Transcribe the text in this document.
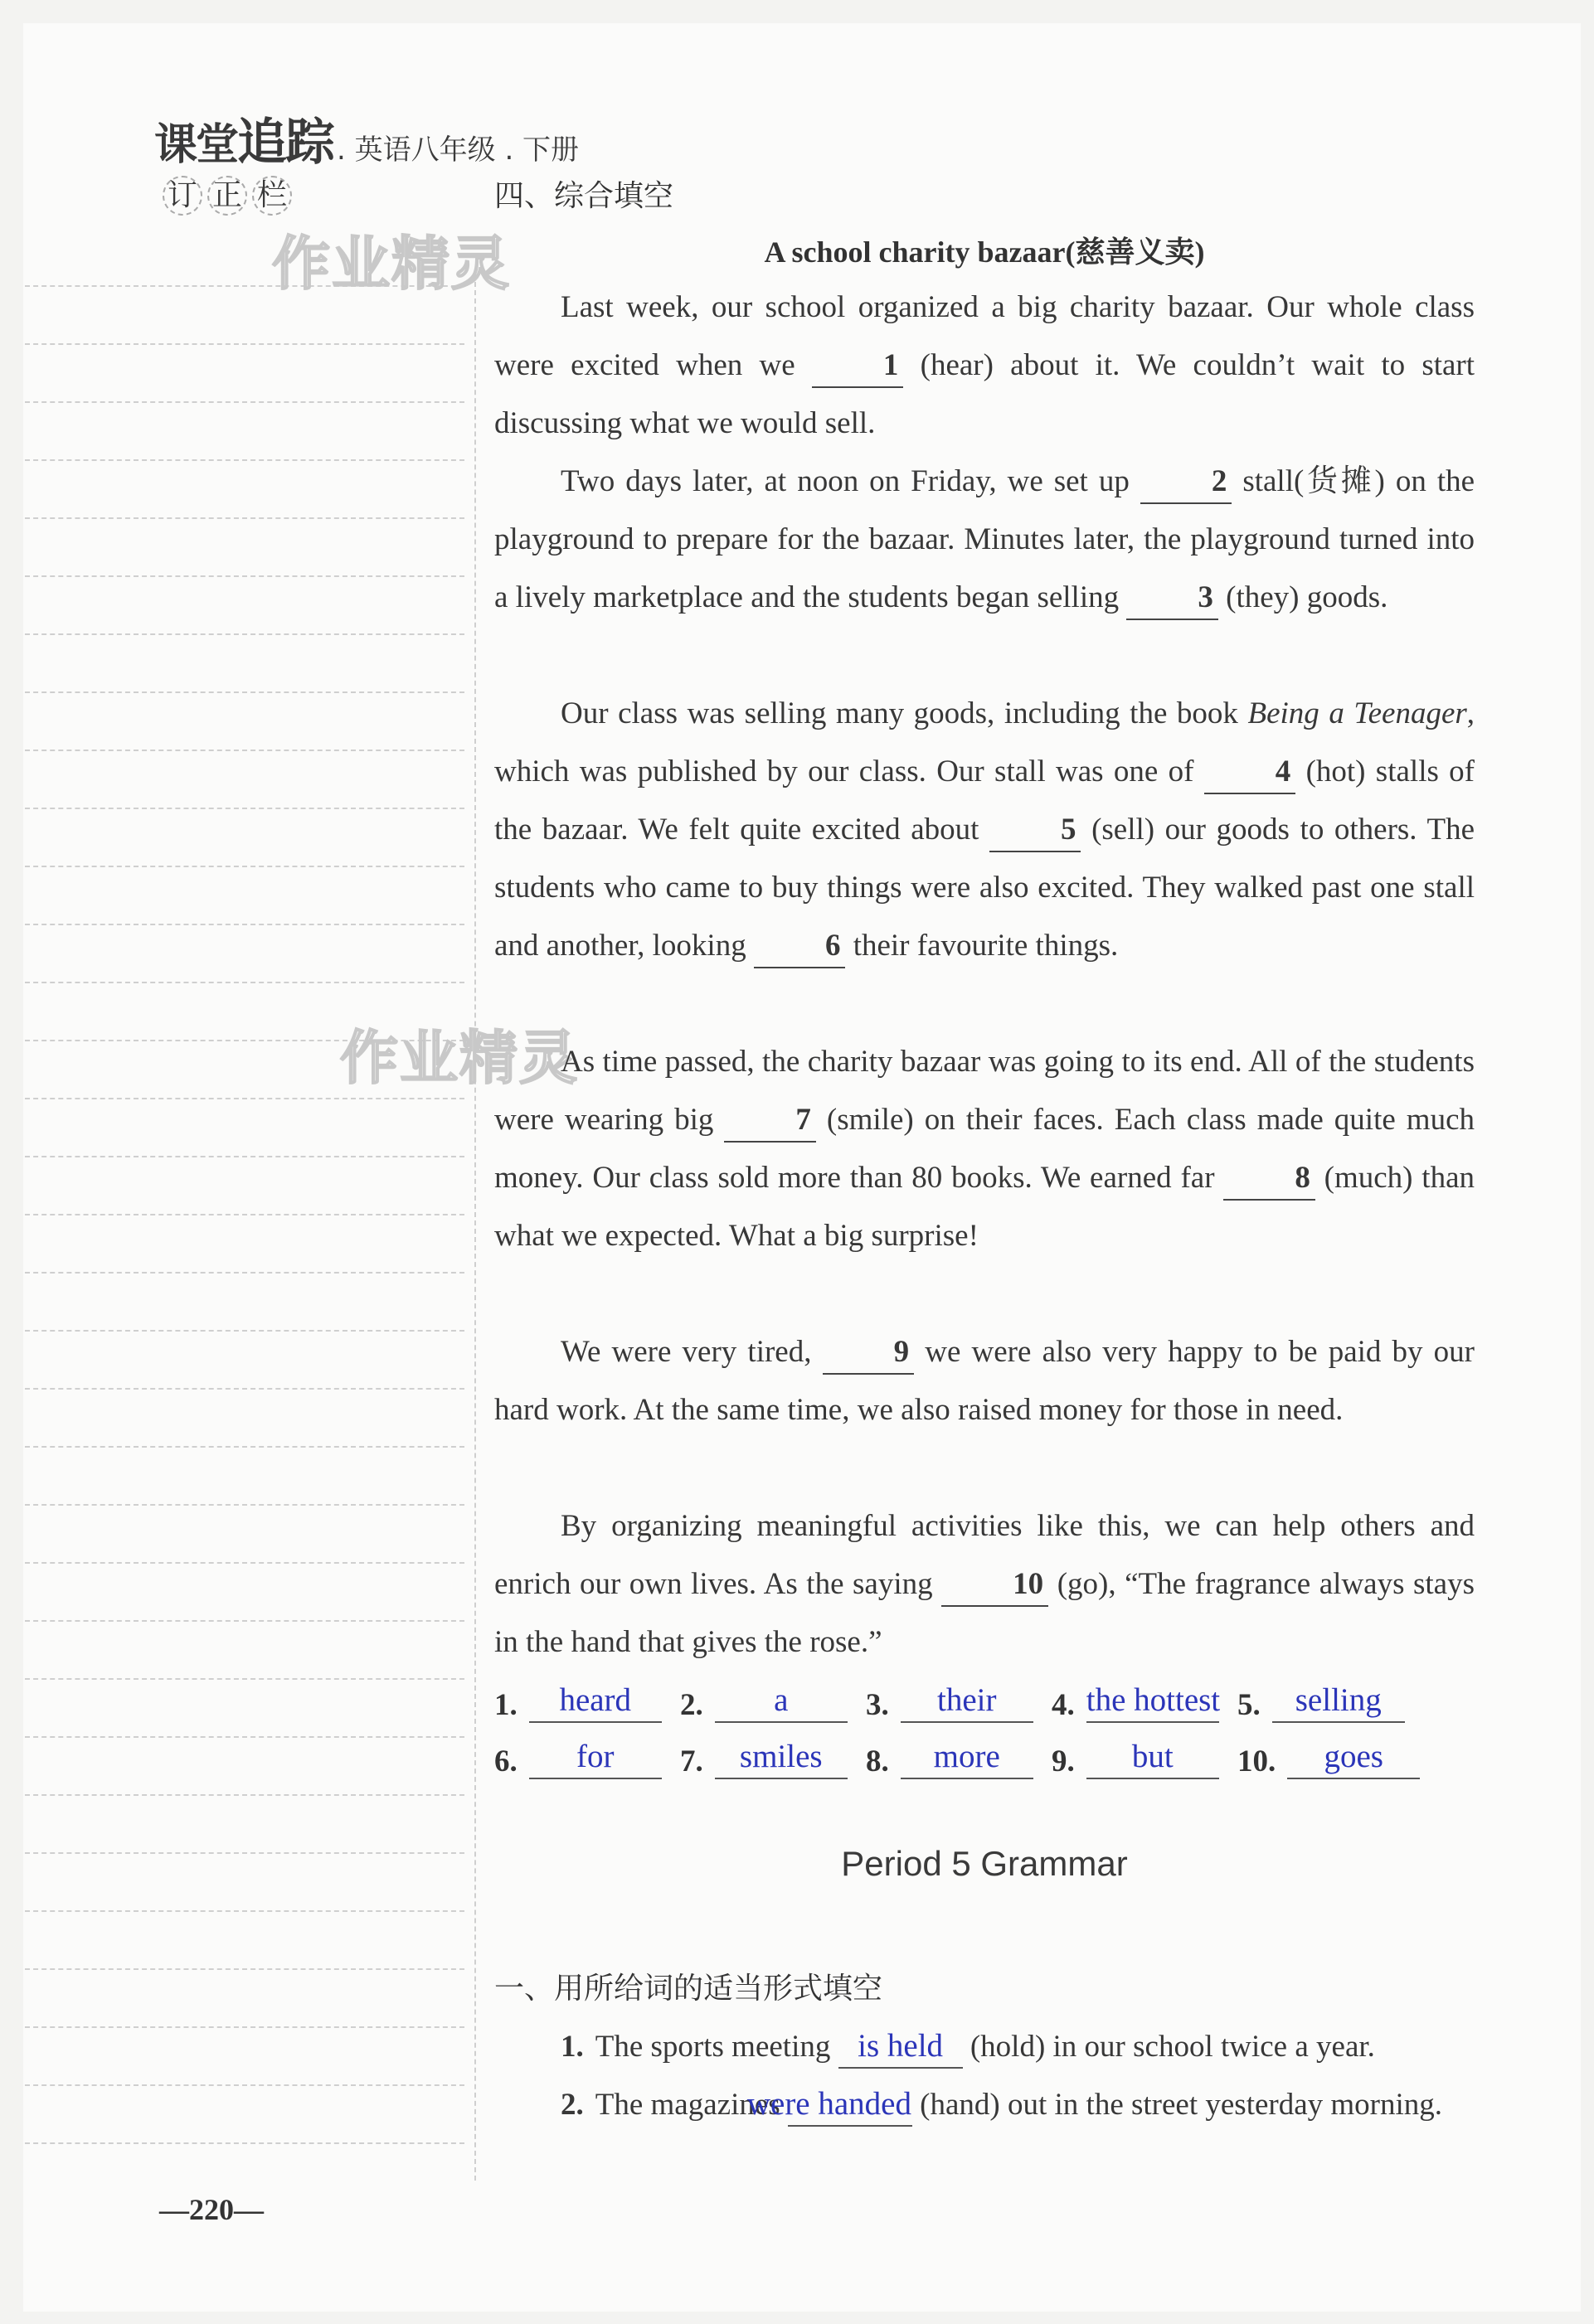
课堂追踪 . 英语八年级 . 下册
订 正 栏
作业精灵
作业精灵
四、综合填空
A school charity bazaar(慈善义卖)
Last week, our school organized a big charity bazaar. Our whole class were excited when we	1 (hear) about it. We couldn’t wait to start discussing what we would sell.
Two days later, at noon on Friday, we set up	2 stall(货摊) on the playground to prepare for the bazaar. Minutes later, the playground turned into a lively marketplace and the students began selling	3 (they) goods.
Our class was selling many goods, including the book Being a Teenager, which was published by our class. Our stall was one of	4 (hot) stalls of the bazaar. We felt quite excited about	5 (sell) our goods to others. The students who came to buy things were also excited. They walked past one stall and another, looking	6 their favourite things.
As time passed, the charity bazaar was going to its end. All of the students were wearing big	7 (smile) on their faces. Each class made quite much money. Our class sold more than 80 books. We earned far	8 (much) than what we expected. What a big surprise!
We were very tired,	9 we were also very happy to be paid by our hard work. At the same time, we also raised money for those in need.
By organizing meaningful activities like this, we can help others and enrich our own lives. As the saying	10 (go), “The fragrance always stays in the hand that gives the rose.”
1.	heard	2.	a	3.	their	4. the hottest 5.	selling
6.	for	7.	smiles	8.	more	9.	but	10.	goes
Period 5 Grammar
一、用所给词的适当形式填空
1. The sports meeting is held (hold) in our school twice a year.
2. The magazines were handed (hand) out in the street yesterday morning.
—220—
